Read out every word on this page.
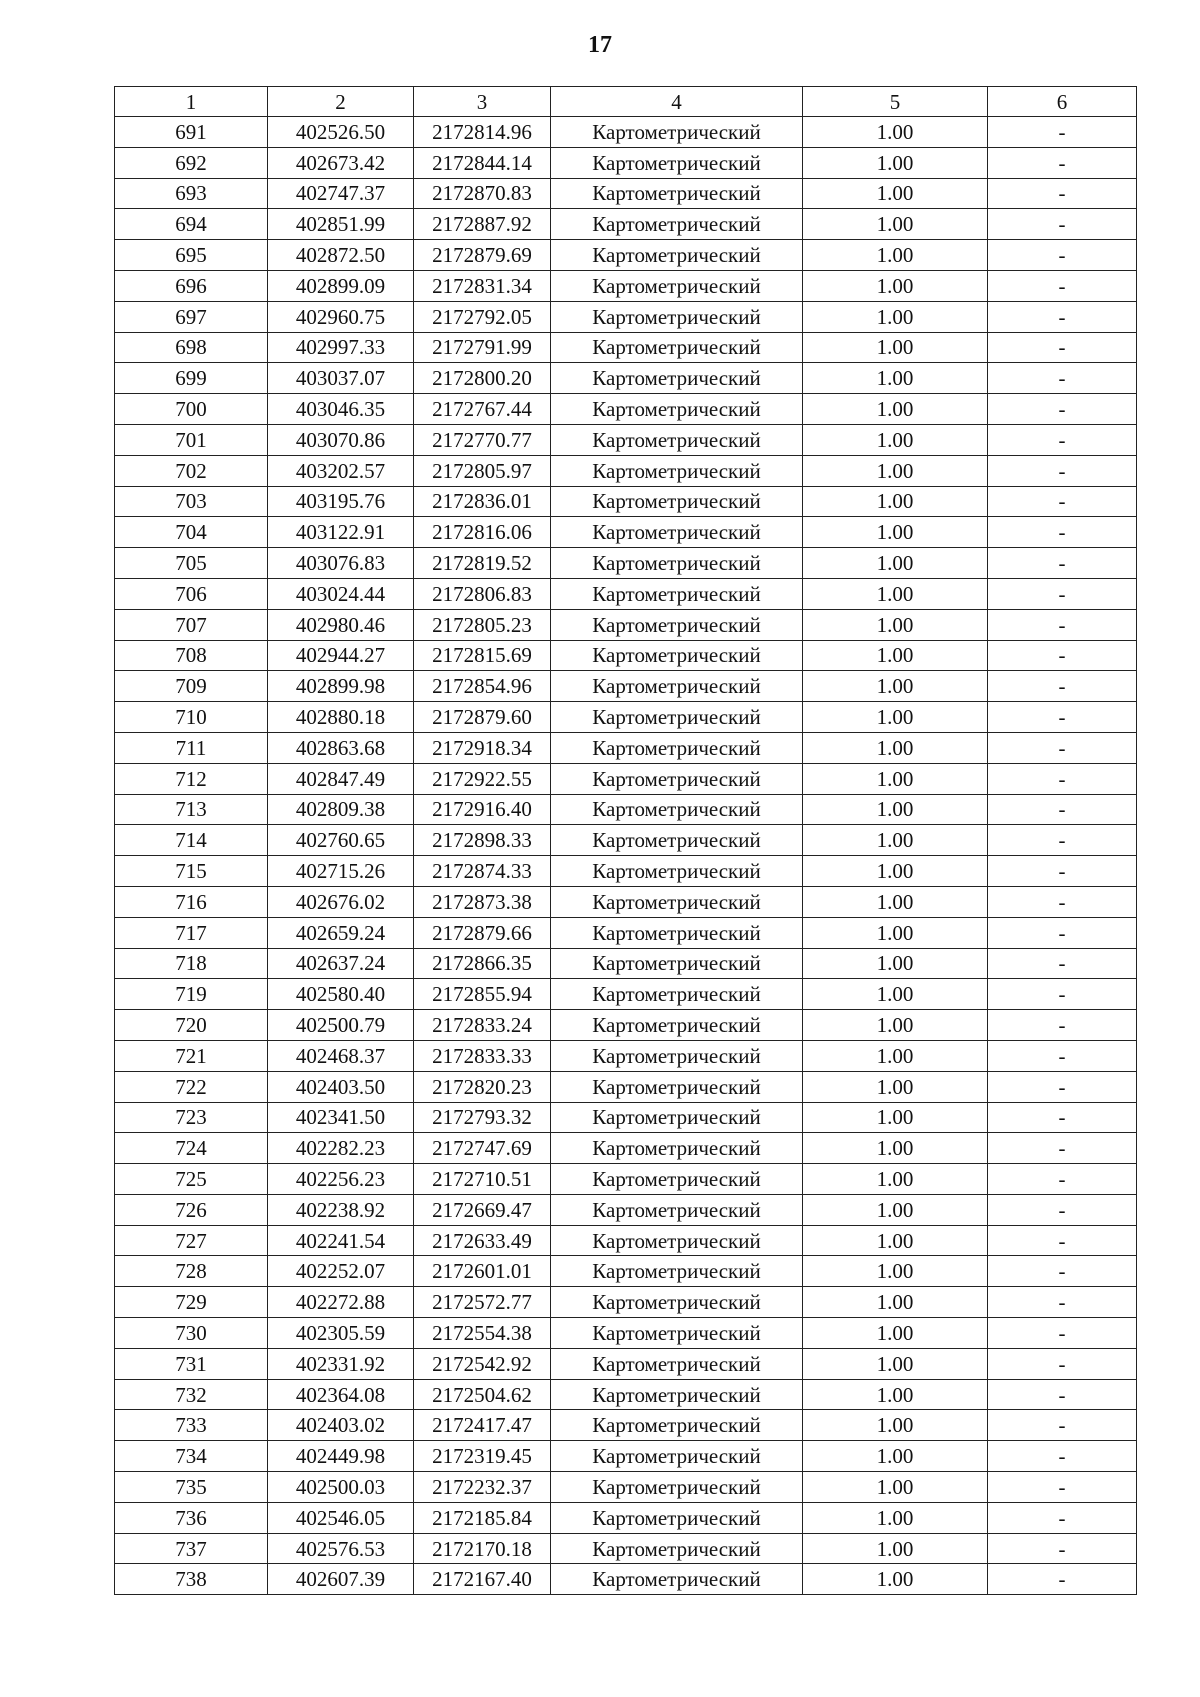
17
1	2	3	4	5	6
691	402526.50	2172814.96	Картометрический	1.00	-
692	402673.42	2172844.14	Картометрический	1.00	-
693	402747.37	2172870.83	Картометрический	1.00	-
694	402851.99	2172887.92	Картометрический	1.00	-
695	402872.50	2172879.69	Картометрический	1.00	-
696	402899.09	2172831.34	Картометрический	1.00	-
697	402960.75	2172792.05	Картометрический	1.00	-
698	402997.33	2172791.99	Картометрический	1.00	-
699	403037.07	2172800.20	Картометрический	1.00	-
700	403046.35	2172767.44	Картометрический	1.00	-
701	403070.86	2172770.77	Картометрический	1.00	-
702	403202.57	2172805.97	Картометрический	1.00	-
703	403195.76	2172836.01	Картометрический	1.00	-
704	403122.91	2172816.06	Картометрический	1.00	-
705	403076.83	2172819.52	Картометрический	1.00	-
706	403024.44	2172806.83	Картометрический	1.00	-
707	402980.46	2172805.23	Картометрический	1.00	-
708	402944.27	2172815.69	Картометрический	1.00	-
709	402899.98	2172854.96	Картометрический	1.00	-
710	402880.18	2172879.60	Картометрический	1.00	-
711	402863.68	2172918.34	Картометрический	1.00	-
712	402847.49	2172922.55	Картометрический	1.00	-
713	402809.38	2172916.40	Картометрический	1.00	-
714	402760.65	2172898.33	Картометрический	1.00	-
715	402715.26	2172874.33	Картометрический	1.00	-
716	402676.02	2172873.38	Картометрический	1.00	-
717	402659.24	2172879.66	Картометрический	1.00	-
718	402637.24	2172866.35	Картометрический	1.00	-
719	402580.40	2172855.94	Картометрический	1.00	-
720	402500.79	2172833.24	Картометрический	1.00	-
721	402468.37	2172833.33	Картометрический	1.00	-
722	402403.50	2172820.23	Картометрический	1.00	-
723	402341.50	2172793.32	Картометрический	1.00	-
724	402282.23	2172747.69	Картометрический	1.00	-
725	402256.23	2172710.51	Картометрический	1.00	-
726	402238.92	2172669.47	Картометрический	1.00	-
727	402241.54	2172633.49	Картометрический	1.00	-
728	402252.07	2172601.01	Картометрический	1.00	-
729	402272.88	2172572.77	Картометрический	1.00	-
730	402305.59	2172554.38	Картометрический	1.00	-
731	402331.92	2172542.92	Картометрический	1.00	-
732	402364.08	2172504.62	Картометрический	1.00	-
733	402403.02	2172417.47	Картометрический	1.00	-
734	402449.98	2172319.45	Картометрический	1.00	-
735	402500.03	2172232.37	Картометрический	1.00	-
736	402546.05	2172185.84	Картометрический	1.00	-
737	402576.53	2172170.18	Картометрический	1.00	-
738	402607.39	2172167.40	Картометрический	1.00	-
